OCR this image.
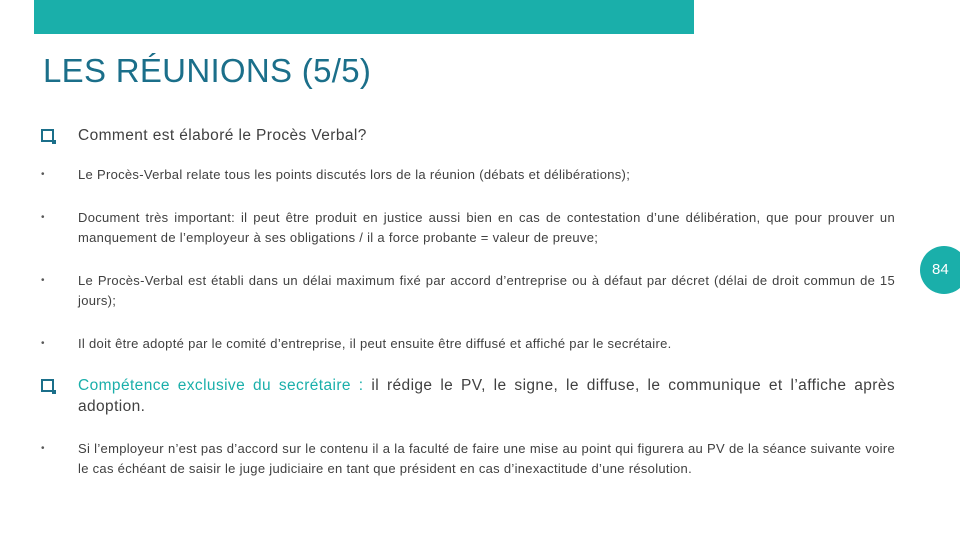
LES RÉUNIONS (5/5)
84
Comment est élaboré le Procès Verbal?
•	Le Procès-Verbal relate tous les points discutés lors de la réunion (débats et délibérations);
•	Document très important: il peut être produit en justice aussi bien en cas de contestation d’une délibération, que pour prouver un manquement de l’employeur à ses obligations / il a force probante = valeur de preuve;
•	Le Procès-Verbal est établi dans un délai maximum fixé par accord d’entreprise ou à défaut par décret (délai de droit commun de 15 jours);
•	Il doit être adopté par le comité d’entreprise, il peut ensuite être diffusé et affiché par le secrétaire.
Compétence exclusive du secrétaire : il rédige le PV, le signe, le diffuse, le communique et l’affiche après adoption.
•	Si l’employeur n’est pas d’accord sur le contenu il a la faculté de faire une mise au point qui figurera au PV de la séance suivante voire le cas échéant de saisir le juge judiciaire en tant que président en cas d’inexactitude d’une résolution.
